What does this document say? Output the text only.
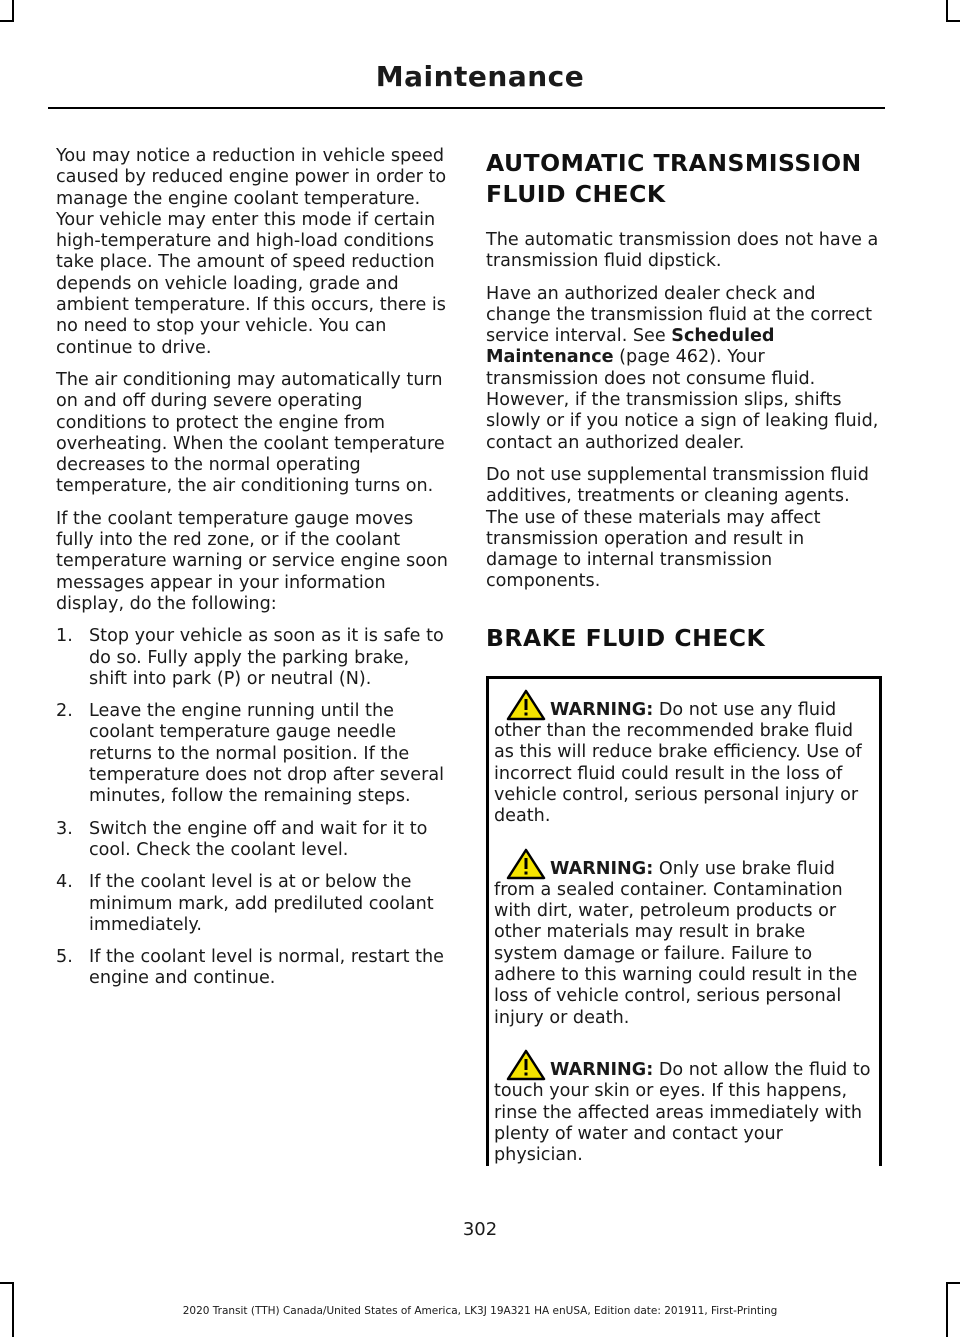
Maintenance

You may notice a reduction in vehicle speed caused by reduced engine power in order to manage the engine coolant temperature. Your vehicle may enter this mode if certain high-temperature and high-load conditions take place. The amount of speed reduction depends on vehicle loading, grade and ambient temperature. If this occurs, there is no need to stop your vehicle. You can continue to drive.

The air conditioning may automatically turn on and off during severe operating conditions to protect the engine from overheating. When the coolant temperature decreases to the normal operating temperature, the air conditioning turns on.

If the coolant temperature gauge moves fully into the red zone, or if the coolant temperature warning or service engine soon messages appear in your information display, do the following:

1. Stop your vehicle as soon as it is safe to do so. Fully apply the parking brake, shift into park (P) or neutral (N).
2. Leave the engine running until the coolant temperature gauge needle returns to the normal position. If the temperature does not drop after several minutes, follow the remaining steps.
3. Switch the engine off and wait for it to cool. Check the coolant level.
4. If the coolant level is at or below the minimum mark, add prediluted coolant immediately.
5. If the coolant level is normal, restart the engine and continue.
AUTOMATIC TRANSMISSION
FLUID CHECK

The automatic transmission does not have a transmission fluid dipstick.

Have an authorized dealer check and change the transmission fluid at the correct service interval. See Scheduled Maintenance (page 462). Your transmission does not consume fluid. However, if the transmission slips, shifts slowly or if you notice a sign of leaking fluid, contact an authorized dealer.

Do not use supplemental transmission fluid additives, treatments or cleaning agents. The use of these materials may affect transmission operation and result in damage to internal transmission components.

BRAKE FLUID CHECK
WARNING: Do not use any fluid other than the recommended brake fluid as this will reduce brake efficiency. Use of incorrect fluid could result in the loss of vehicle control, serious personal injury or death.
WARNING: Only use brake fluid from a sealed container. Contamination with dirt, water, petroleum products or other materials may result in brake system damage or failure. Failure to adhere to this warning could result in the loss of vehicle control, serious personal injury or death.
WARNING: Do not allow the fluid to touch your skin or eyes. If this happens, rinse the affected areas immediately with plenty of water and contact your physician.
302
2020 Transit (TTH) Canada/United States of America, LK3J 19A321 HA enUSA, Edition date: 201911, First-Printing
